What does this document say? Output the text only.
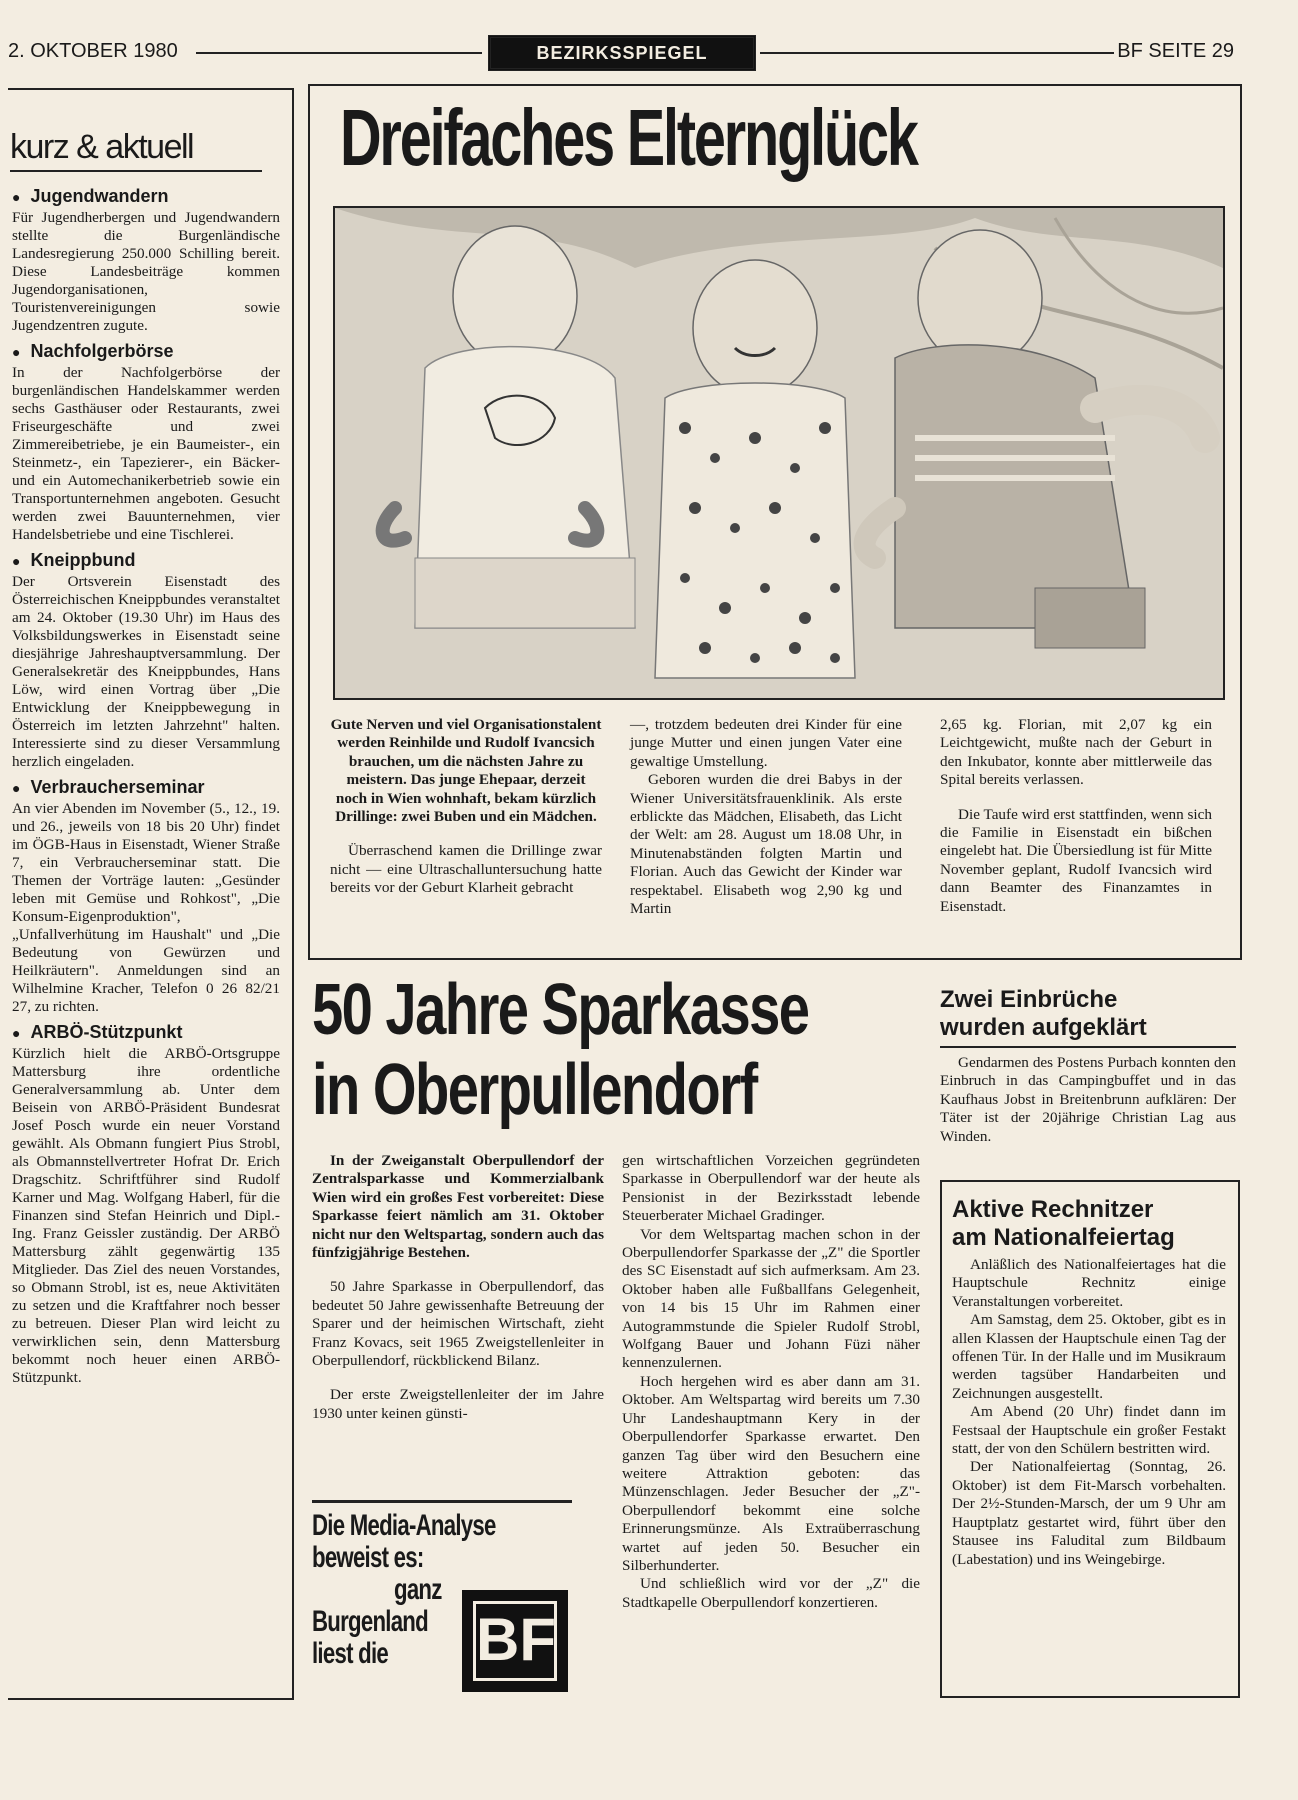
2. OKTOBER 1980	BEZIRKSSPIEGEL	BF SEITE 29
kurz & aktuell
● Jugendwandern

Für Jugendherbergen und Jugendwandern stellte die Burgenländische Landesregierung 250.000 Schilling bereit. Diese Landesbeiträge kommen Jugendorganisationen, Touristenvereinigungen sowie Jugendzentren zugute.

● Nachfolgerbörse

In der Nachfolgerbörse der burgenländischen Handelskammer werden sechs Gasthäuser oder Restaurants, zwei Friseurgeschäfte und zwei Zimmereibetriebe, je ein Baumeister-, ein Steinmetz-, ein Tapezierer-, ein Bäcker- und ein Automechanikerbetrieb sowie ein Transportunternehmen angeboten. Gesucht werden zwei Bauunternehmen, vier Handelsbetriebe und eine Tischlerei.

● Kneippbund

Der Ortsverein Eisenstadt des Österreichischen Kneippbundes veranstaltet am 24. Oktober (19.30 Uhr) im Haus des Volksbildungswerkes in Eisenstadt seine diesjährige Jahreshauptversammlung. Der Generalsekretär des Kneippbundes, Hans Löw, wird einen Vortrag über „Die Entwicklung der Kneippbewegung in Österreich im letzten Jahrzehnt" halten. Interessierte sind zu dieser Versammlung herzlich eingeladen.

● Verbraucherseminar

An vier Abenden im November (5., 12., 19. und 26., jeweils von 18 bis 20 Uhr) findet im ÖGB-Haus in Eisenstadt, Wiener Straße 7, ein Verbraucherseminar statt. Die Themen der Vorträge lauten: „Gesünder leben mit Gemüse und Rohkost", „Die Konsum-Eigenproduktion", „Unfallverhütung im Haushalt" und „Die Bedeutung von Gewürzen und Heilkräutern". Anmeldungen sind an Wilhelmine Kracher, Telefon 0 26 82/21 27, zu richten.

● ARBÖ-Stützpunkt

Kürzlich hielt die ARBÖ-Ortsgruppe Mattersburg ihre ordentliche Generalversammlung ab. Unter dem Beisein von ARBÖ-Präsident Bundesrat Josef Posch wurde ein neuer Vorstand gewählt. Als Obmann fungiert Pius Strobl, als Obmannstellvertreter Hofrat Dr. Erich Dragschitz. Schriftführer sind Rudolf Karner und Mag. Wolfgang Haberl, für die Finanzen sind Stefan Heinrich und Dipl.-Ing. Franz Geissler zuständig. Der ARBÖ Mattersburg zählt gegenwärtig 135 Mitglieder. Das Ziel des neuen Vorstandes, so Obmann Strobl, ist es, neue Aktivitäten zu setzen und die Kraftfahrer noch besser zu betreuen. Dieser Plan wird leicht zu verwirklichen sein, denn Mattersburg bekommt noch heuer einen ARBÖ-Stützpunkt.

Dreifaches Elternglück

Gute Nerven und viel Organisationstalent werden Reinhilde und Rudolf Ivancsich brauchen, um die nächsten Jahre zu meistern. Das junge Ehepaar, derzeit noch in Wien wohnhaft, bekam kürzlich Drillinge: zwei Buben und ein Mädchen.

Überraschend kamen die Drillinge zwar nicht — eine Ultraschalluntersuchung hatte bereits vor der Geburt Klarheit gebracht

—, trotzdem bedeuten drei Kinder für eine junge Mutter und einen jungen Vater eine gewaltige Umstellung.

Geboren wurden die drei Babys in der Wiener Universitätsfrauenklinik. Als erste erblickte das Mädchen, Elisabeth, das Licht der Welt: am 28. August um 18.08 Uhr, in Minutenabständen folgten Martin und Florian. Auch das Gewicht der Kinder war respektabel. Elisabeth wog 2,90 kg und Martin

2,65 kg. Florian, mit 2,07 kg ein Leichtgewicht, mußte nach der Geburt in den Inkubator, konnte aber mittlerweile das Spital bereits verlassen.

Die Taufe wird erst stattfinden, wenn sich die Familie in Eisenstadt ein bißchen eingelebt hat. Die Übersiedlung ist für Mitte November geplant, Rudolf Ivancsich wird dann Beamter des Finanzamtes in Eisenstadt.

50 Jahre Sparkasse
in Oberpullendorf

In der Zweiganstalt Oberpullendorf der Zentralsparkasse und Kommerzialbank Wien wird ein großes Fest vorbereitet: Diese Sparkasse feiert nämlich am 31. Oktober nicht nur den Weltspartag, sondern auch das fünfzigjährige Bestehen.

50 Jahre Sparkasse in Oberpullendorf, das bedeutet 50 Jahre gewissenhafte Betreuung der Sparer und der heimischen Wirtschaft, zieht Franz Kovacs, seit 1965 Zweigstellenleiter in Oberpullendorf, rückblickend Bilanz.

Der erste Zweigstellenleiter der im Jahre 1930 unter keinen günsti-

gen wirtschaftlichen Vorzeichen gegründeten Sparkasse in Oberpullendorf war der heute als Pensionist in der Bezirksstadt lebende Steuerberater Michael Gradinger.

Vor dem Weltspartag machen schon in der Oberpullendorfer Sparkasse der „Z" die Sportler des SC Eisenstadt auf sich aufmerksam. Am 23. Oktober haben alle Fußballfans Gelegenheit, von 14 bis 15 Uhr im Rahmen einer Autogrammstunde die Spieler Rudolf Strobl, Wolfgang Bauer und Johann Füzi näher kennenzulernen.

Hoch hergehen wird es aber dann am 31. Oktober. Am Weltspartag wird bereits um 7.30 Uhr Landeshauptmann Kery in der Oberpullendorfer Sparkasse erwartet. Den ganzen Tag über wird den Besuchern eine weitere Attraktion geboten: das Münzenschlagen. Jeder Besucher der „Z"-Oberpullendorf bekommt eine solche Erinnerungsmünze. Als Extraüberraschung wartet auf jeden 50. Besucher ein Silberhunderter.

Und schließlich wird vor der „Z" die Stadtkapelle Oberpullendorf konzertieren.

Die Media-Analyse
beweist es:
ganz
Burgenland
liest die	BF
Zwei Einbrüche
wurden aufgeklärt

Gendarmen des Postens Purbach konnten den Einbruch in das Campingbuffet und in das Kaufhaus Jobst in Breitenbrunn aufklären: Der Täter ist der 20jährige Christian Lag aus Winden.

Aktive Rechnitzer
am Nationalfeiertag

Anläßlich des Nationalfeiertages hat die Hauptschule Rechnitz einige Veranstaltungen vorbereitet.

Am Samstag, dem 25. Oktober, gibt es in allen Klassen der Hauptschule einen Tag der offenen Tür. In der Halle und im Musikraum werden tagsüber Handarbeiten und Zeichnungen ausgestellt.

Am Abend (20 Uhr) findet dann im Festsaal der Hauptschule ein großer Festakt statt, der von den Schülern bestritten wird.

Der Nationalfeiertag (Sonntag, 26. Oktober) ist dem Fit-Marsch vorbehalten. Der 2½-Stunden-Marsch, der um 9 Uhr am Hauptplatz gestartet wird, führt über den Stausee ins Faludital zum Bildbaum (Labestation) und ins Weingebirge.
